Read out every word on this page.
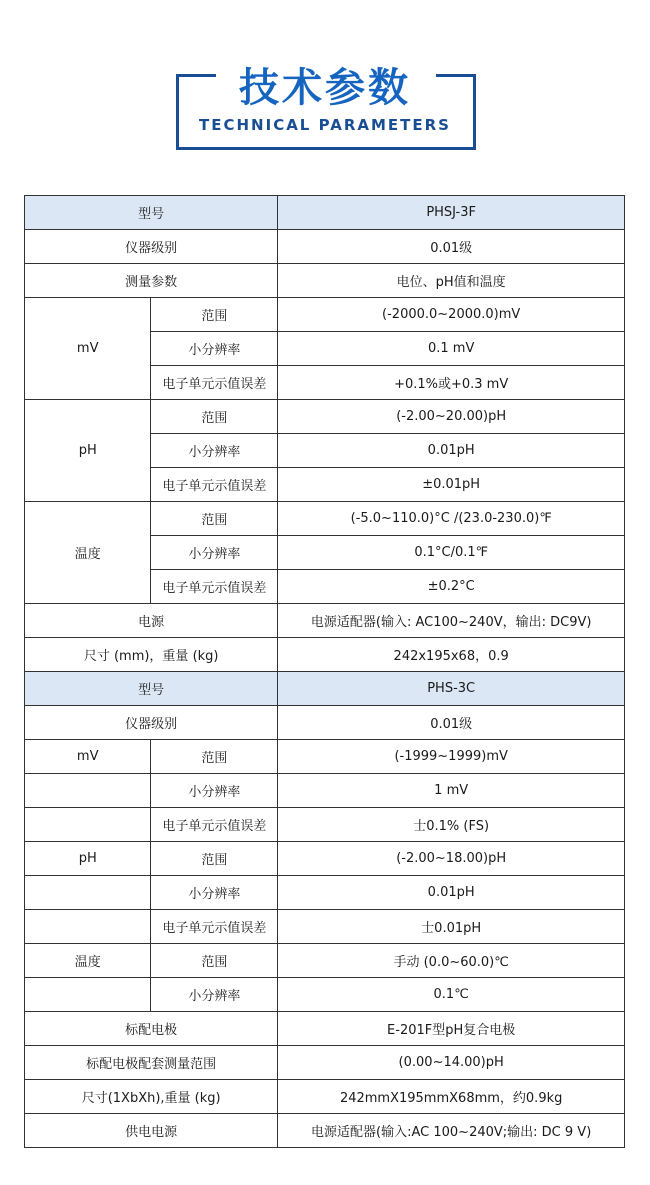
技术参数
TECHNICAL PARAMETERS
型号		PHSJ-3F
仪器级别		0.01级
测量参数		电位、pH值和温度
mV	范围	(-2000.0~2000.0)mV
	小分辨率	0.1 mV
	电子单元示值误差	+0.1%或+0.3 mV
pH	范围	(-2.00~20.00)pH
	小分辨率	0.01pH
	电子单元示值误差	±0.01pH
温度	范围	(-5.0~110.0)°C /(23.0-230.0)℉
	小分辨率	0.1°C/0.1℉
	电子单元示值误差	±0.2°C
电源		电源适配器(输入: AC100~240V，输出: DC9V)
尺寸 (mm)，重量 (kg)		242x195x68，0.9
型号		PHS-3C
仪器级别		0.01级
mV	范围	(-1999~1999)mV
	小分辨率	1 mV
	电子单元示值误差	士0.1% (FS)
pH	范围	(-2.00~18.00)pH
	小分辨率	0.01pH
	电子单元示值误差	士0.01pH
温度	范围	手动 (0.0~60.0)℃
	小分辨率	0.1℃
标配电极		E-201F型pH复合电极
标配电极配套测量范围		(0.00~14.00)pH
尺寸(1XbXh),重量 (kg)		242mmX195mmX68mm，约0.9kg
供电电源		电源适配器(输入:AC 100~240V;输出: DC 9 V)
